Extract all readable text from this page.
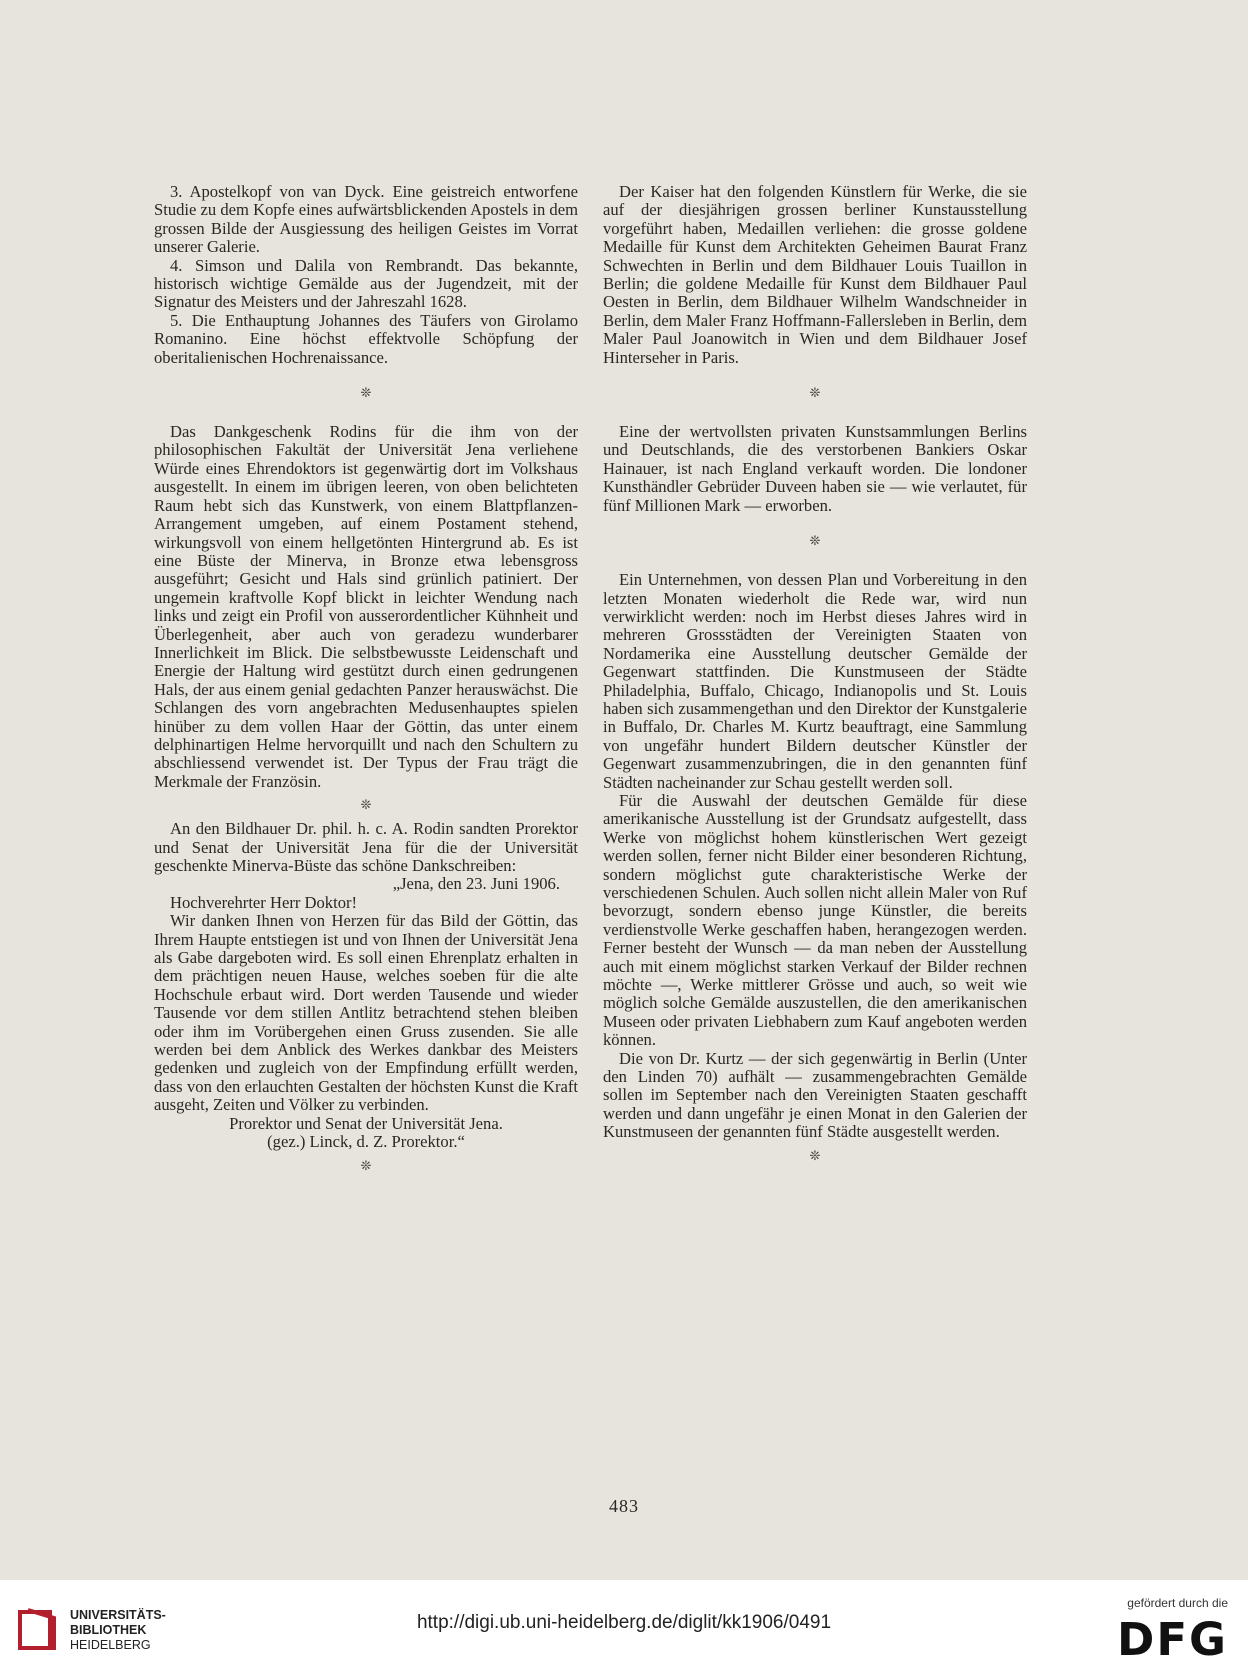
3. Apostelkopf von van Dyck. Eine geistreich entworfene Studie zu dem Kopfe eines aufwärtsblickenden Apostels in dem grossen Bilde der Ausgiessung des heiligen Geistes im Vorrat unserer Galerie.

4. Simson und Dalila von Rembrandt. Das bekannte, historisch wichtige Gemälde aus der Jugendzeit, mit der Signatur des Meisters und der Jahreszahl 1628.

5. Die Enthauptung Johannes des Täufers von Girolamo Romanino. Eine höchst effektvolle Schöpfung der oberitalienischen Hochrenaissance.

❊

Das Dankgeschenk Rodins für die ihm von der philosophischen Fakultät der Universität Jena verliehene Würde eines Ehrendoktors ist gegenwärtig dort im Volkshaus ausgestellt. In einem im übrigen leeren, von oben belichteten Raum hebt sich das Kunstwerk, von einem Blattpflanzen-Arrangement umgeben, auf einem Postament stehend, wirkungsvoll von einem hellgetönten Hintergrund ab. Es ist eine Büste der Minerva, in Bronze etwa lebensgross ausgeführt; Gesicht und Hals sind grünlich patiniert. Der ungemein kraftvolle Kopf blickt in leichter Wendung nach links und zeigt ein Profil von ausserordentlicher Kühnheit und Überlegenheit, aber auch von geradezu wunderbarer Innerlichkeit im Blick. Die selbstbewusste Leidenschaft und Energie der Haltung wird gestützt durch einen gedrungenen Hals, der aus einem genial gedachten Panzer herauswächst. Die Schlangen des vorn angebrachten Medusenhauptes spielen hinüber zu dem vollen Haar der Göttin, das unter einem delphinartigen Helme hervorquillt und nach den Schultern zu abschliessend verwendet ist. Der Typus der Frau trägt die Merkmale der Französin.

❊

An den Bildhauer Dr. phil. h. c. A. Rodin sandten Prorektor und Senat der Universität Jena für die der Universität geschenkte Minerva-Büste das schöne Dankschreiben:

„Jena, den 23. Juni 1906.

Hochverehrter Herr Doktor!

Wir danken Ihnen von Herzen für das Bild der Göttin, das Ihrem Haupte entstiegen ist und von Ihnen der Universität Jena als Gabe dargeboten wird. Es soll einen Ehrenplatz erhalten in dem prächtigen neuen Hause, welches soeben für die alte Hochschule erbaut wird. Dort werden Tausende und wieder Tausende vor dem stillen Antlitz betrachtend stehen bleiben oder ihm im Vorübergehen einen Gruss zusenden. Sie alle werden bei dem Anblick des Werkes dankbar des Meisters gedenken und zugleich von der Empfindung erfüllt werden, dass von den erlauchten Gestalten der höchsten Kunst die Kraft ausgeht, Zeiten und Völker zu verbinden.

Prorektor und Senat der Universität Jena.

(gez.) Linck, d. Z. Prorektor.“

❊

Der Kaiser hat den folgenden Künstlern für Werke, die sie auf der diesjährigen grossen berliner Kunstausstellung vorgeführt haben, Medaillen verliehen: die grosse goldene Medaille für Kunst dem Architekten Geheimen Baurat Franz Schwechten in Berlin und dem Bildhauer Louis Tuaillon in Berlin; die goldene Medaille für Kunst dem Bildhauer Paul Oesten in Berlin, dem Bildhauer Wilhelm Wandschneider in Berlin, dem Maler Franz Hoffmann-Fallersleben in Berlin, dem Maler Paul Joanowitch in Wien und dem Bildhauer Josef Hinterseher in Paris.

❊

Eine der wertvollsten privaten Kunstsammlungen Berlins und Deutschlands, die des verstorbenen Bankiers Oskar Hainauer, ist nach England verkauft worden. Die londoner Kunsthändler Gebrüder Duveen haben sie — wie verlautet, für fünf Millionen Mark — erworben.

❊

Ein Unternehmen, von dessen Plan und Vorbereitung in den letzten Monaten wiederholt die Rede war, wird nun verwirklicht werden: noch im Herbst dieses Jahres wird in mehreren Grossstädten der Vereinigten Staaten von Nordamerika eine Ausstellung deutscher Gemälde der Gegenwart stattfinden. Die Kunstmuseen der Städte Philadelphia, Buffalo, Chicago, Indianopolis und St. Louis haben sich zusammengethan und den Direktor der Kunstgalerie in Buffalo, Dr. Charles M. Kurtz beauftragt, eine Sammlung von ungefähr hundert Bildern deutscher Künstler der Gegenwart zusammenzubringen, die in den genannten fünf Städten nacheinander zur Schau gestellt werden soll.

Für die Auswahl der deutschen Gemälde für diese amerikanische Ausstellung ist der Grundsatz aufgestellt, dass Werke von möglichst hohem künstlerischen Wert gezeigt werden sollen, ferner nicht Bilder einer besonderen Richtung, sondern möglichst gute charakteristische Werke der verschiedenen Schulen. Auch sollen nicht allein Maler von Ruf bevorzugt, sondern ebenso junge Künstler, die bereits verdienstvolle Werke geschaffen haben, herangezogen werden. Ferner besteht der Wunsch — da man neben der Ausstellung auch mit einem möglichst starken Verkauf der Bilder rechnen möchte —, Werke mittlerer Grösse und auch, so weit wie möglich solche Gemälde auszustellen, die den amerikanischen Museen oder privaten Liebhabern zum Kauf angeboten werden können.

Die von Dr. Kurtz — der sich gegenwärtig in Berlin (Unter den Linden 70) aufhält — zusammengebrachten Gemälde sollen im September nach den Vereinigten Staaten geschafft werden und dann ungefähr je einen Monat in den Galerien der Kunstmuseen der genannten fünf Städte ausgestellt werden.

❊
483
UNIVERSITÄTS-
BIBLIOTHEK
HEIDELBERG
http://digi.ub.uni-heidelberg.de/diglit/kk1906/0491
gefördert durch die
DFG
